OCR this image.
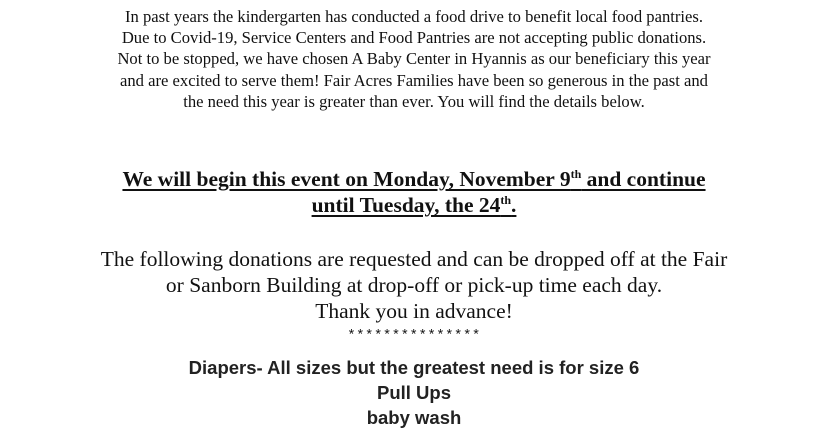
In past years the kindergarten has conducted a food drive to benefit local food pantries.
Due to Covid-19, Service Centers and Food Pantries are not accepting public donations.
Not to be stopped, we have chosen A Baby Center in Hyannis as our beneficiary this year
and are excited to serve them! Fair Acres Families have been so generous in the past and
the need this year is greater than ever. You will find the details below.
We will begin this event on Monday, November 9th and continue
until Tuesday, the 24th.
The following donations are requested and can be dropped off at the Fair
or Sanborn Building at drop-off or pick-up time each day.
Thank you in advance!
***************
Diapers- All sizes but the greatest need is for size 6
Pull Ups
baby wash
